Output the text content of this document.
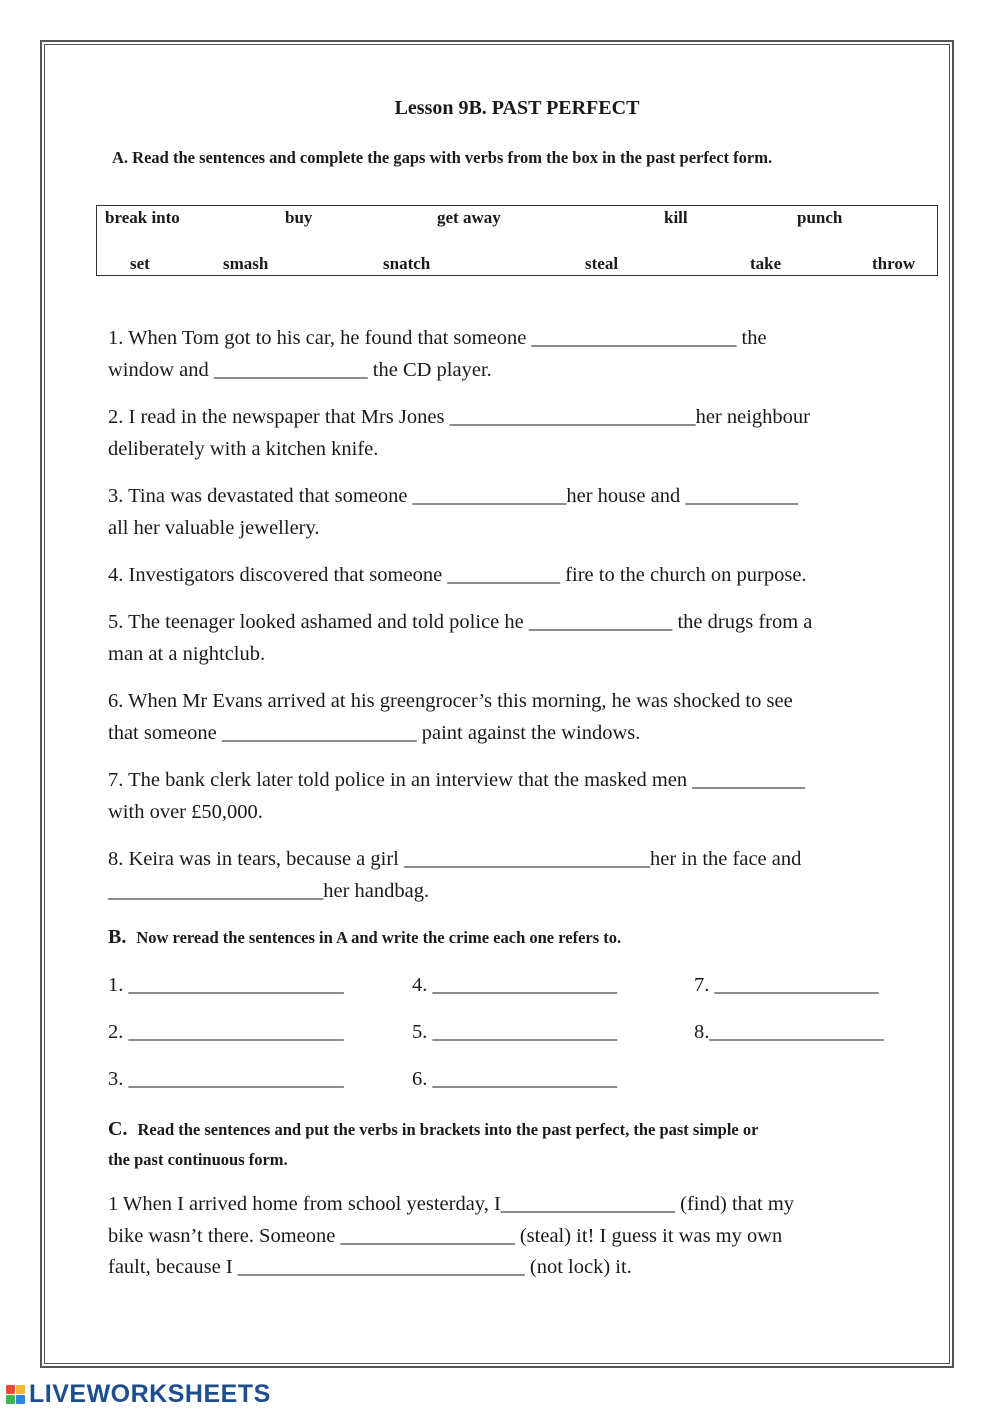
Lesson 9B. PAST PERFECT
A. Read the sentences and complete the gaps with verbs from the box in the past perfect form.
break into	buy	get away	kill	punch
set	smash	snatch	steal	take	throw
1. When Tom got to his car, he found that someone ____________________ the
window and _______________ the CD player.
2. I read in the newspaper that Mrs Jones ________________________her neighbour
deliberately with a kitchen knife.
3. Tina was devastated that someone _______________her house and ___________
all her valuable jewellery.
4. Investigators discovered that someone ___________ fire to the church on purpose.
5. The teenager looked ashamed and told police he ______________ the drugs from a
man at a nightclub.
6. When Mr Evans arrived at his greengrocer’s this morning, he was shocked to see
that someone ___________________ paint against the windows.
7. The bank clerk later told police in an interview that the masked men ___________
with over £50,000.
8. Keira was in tears, because a girl ________________________her in the face and
_____________________her handbag.
B. Now reread the sentences in A and write the crime each one refers to.
1. _____________________
2. _____________________
3. _____________________
4. __________________
5. __________________
6. __________________
7. ________________
8._________________
C. Read the sentences and put the verbs in brackets into the past perfect, the past simple or
the past continuous form.
1 When I arrived home from school yesterday, I_________________ (find) that my
bike wasn’t there. Someone _________________ (steal) it! I guess it was my own
fault, because I ____________________________ (not lock) it.
LIVEWORKSHEETS
